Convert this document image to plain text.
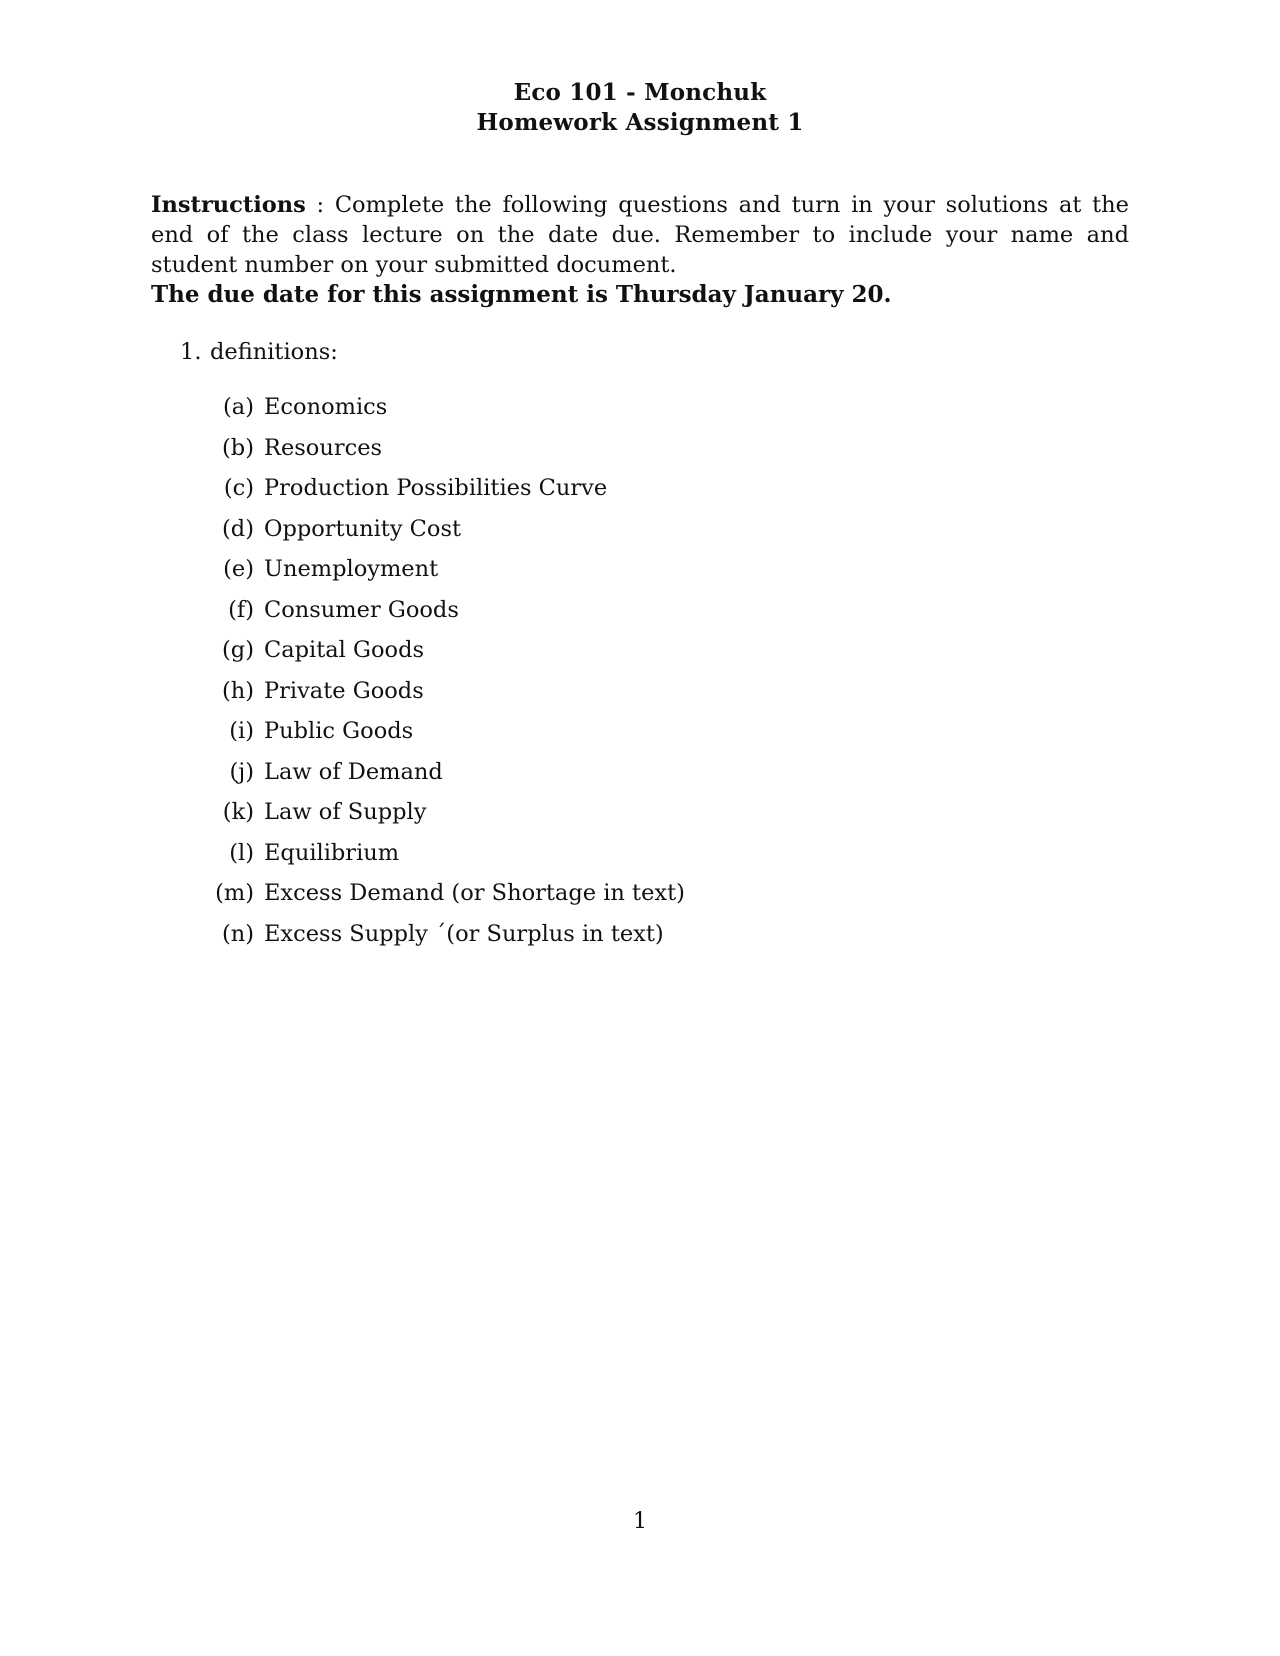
Eco 101 - Monchuk
Homework Assignment 1
Instructions : Complete the following questions and turn in your solutions at the end of the class lecture on the date due. Remember to include your name and student number on your submitted document.
The due date for this assignment is Thursday January 20.
1. definitions:
(a) Economics
(b) Resources
(c) Production Possibilities Curve
(d) Opportunity Cost
(e) Unemployment
(f) Consumer Goods
(g) Capital Goods
(h) Private Goods
(i) Public Goods
(j) Law of Demand
(k) Law of Supply
(l) Equilibrium
(m) Excess Demand (or Shortage in text)
(n) Excess Supply ´(or Surplus in text)
1
